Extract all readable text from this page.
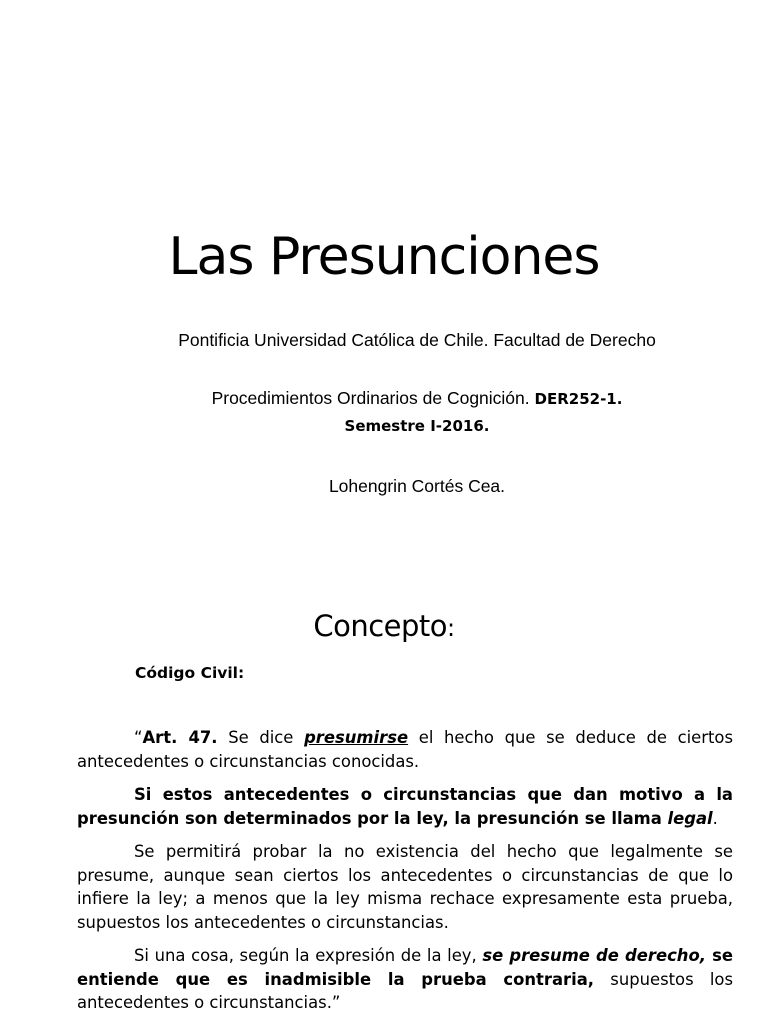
Las Presunciones
Pontificia Universidad Católica de Chile. Facultad de Derecho
Procedimientos Ordinarios de Cognición. DER252-1.
Semestre I-2016.
Lohengrin Cortés Cea.
Concepto:
Código Civil:

“Art. 47. Se dice presumirse el hecho que se deduce de ciertos antecedentes o circunstancias conocidas.

Si estos antecedentes o circunstancias que dan motivo a la presunción son determinados por la ley, la presunción se llama legal.

Se permitirá probar la no existencia del hecho que legalmente se presume, aunque sean ciertos los antecedentes o circunstancias de que lo infiere la ley; a menos que la ley misma rechace expresamente esta prueba, supuestos los antecedentes o circunstancias.

Si una cosa, según la expresión de la ley, se presume de derecho, se entiende que es inadmisible la prueba contraria, supuestos los antecedentes o circunstancias.”
